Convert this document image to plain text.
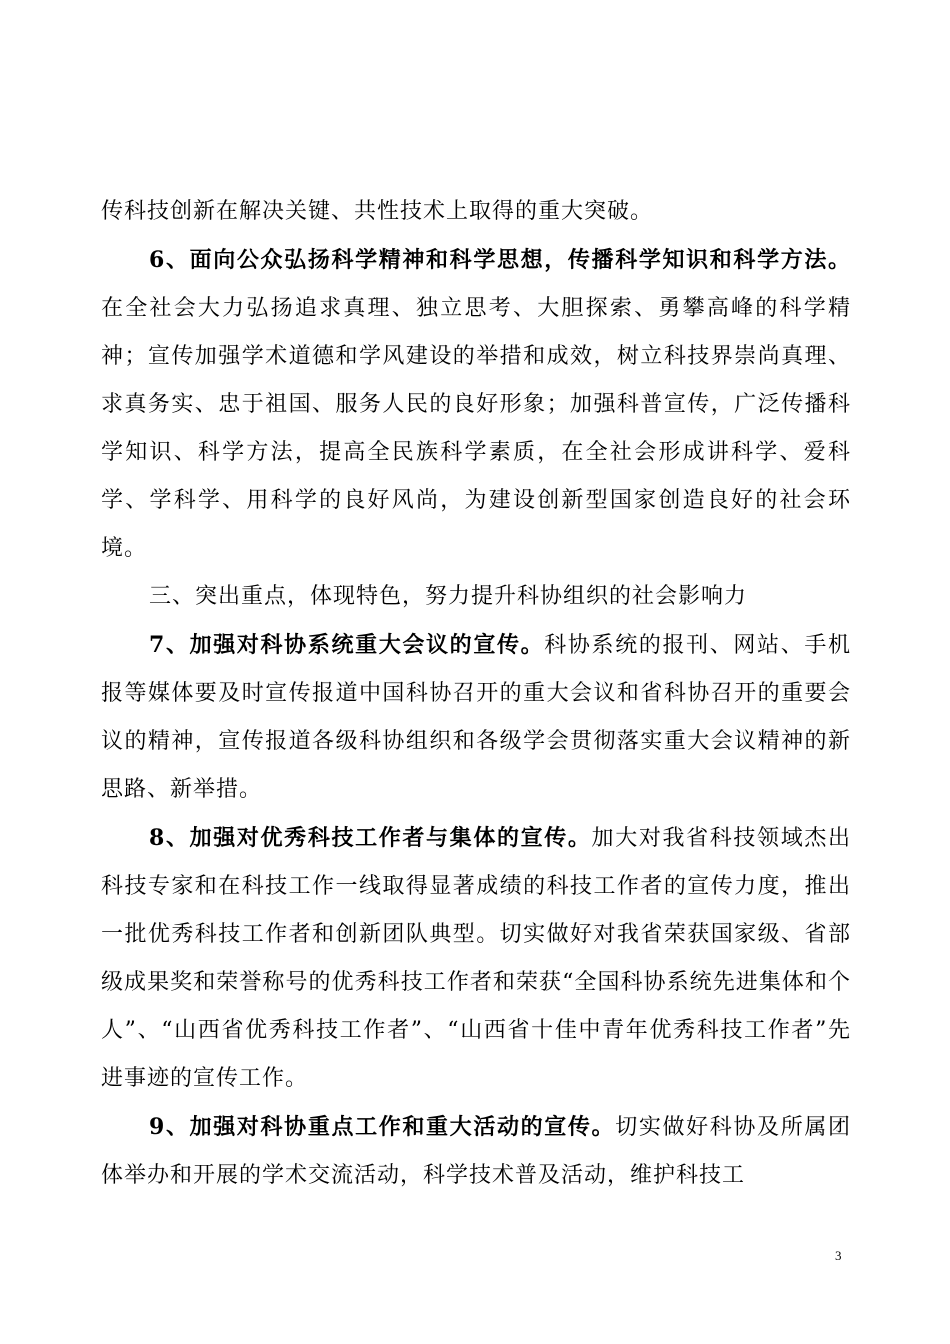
传科技创新在解决关键、共性技术上取得的重大突破。

6、面向公众弘扬科学精神和科学思想，传播科学知识和科学方法。在全社会大力弘扬追求真理、独立思考、大胆探索、勇攀高峰的科学精神；宣传加强学术道德和学风建设的举措和成效，树立科技界崇尚真理、求真务实、忠于祖国、服务人民的良好形象；加强科普宣传，广泛传播科学知识、科学方法，提高全民族科学素质，在全社会形成讲科学、爱科学、学科学、用科学的良好风尚，为建设创新型国家创造良好的社会环境。

三、突出重点，体现特色，努力提升科协组织的社会影响力

7、加强对科协系统重大会议的宣传。科协系统的报刊、网站、手机报等媒体要及时宣传报道中国科协召开的重大会议和省科协召开的重要会议的精神，宣传报道各级科协组织和各级学会贯彻落实重大会议精神的新思路、新举措。

8、加强对优秀科技工作者与集体的宣传。加大对我省科技领域杰出科技专家和在科技工作一线取得显著成绩的科技工作者的宣传力度，推出一批优秀科技工作者和创新团队典型。切实做好对我省荣获国家级、省部级成果奖和荣誉称号的优秀科技工作者和荣获“全国科协系统先进集体和个人”、“山西省优秀科技工作者”、“山西省十佳中青年优秀科技工作者”先进事迹的宣传工作。

9、加强对科协重点工作和重大活动的宣传。切实做好科协及所属团体举办和开展的学术交流活动，科学技术普及活动，维护科技工

3
